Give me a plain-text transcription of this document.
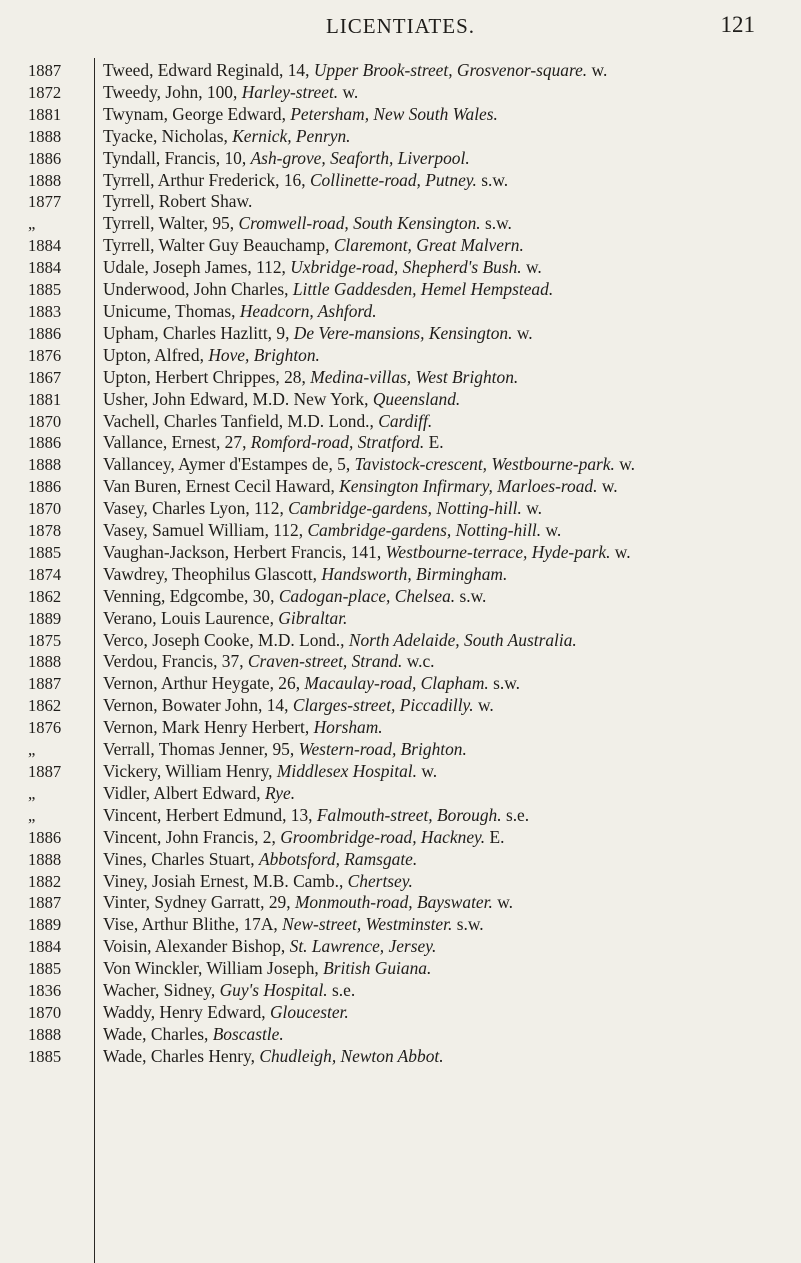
LICENTIATES.	121
1887	Tweed, Edward Reginald, 14, Upper Brook-street, Grosvenor-square. w.
1872	Tweedy, John, 100, Harley-street. w.
1881	Twynam, George Edward, Petersham, New South Wales.
1888	Tyacke, Nicholas, Kernick, Penryn.
1886	Tyndall, Francis, 10, Ash-grove, Seaforth, Liverpool.
1888	Tyrrell, Arthur Frederick, 16, Collinette-road, Putney. s.w.
1877	Tyrrell, Robert Shaw.
„	Tyrrell, Walter, 95, Cromwell-road, South Kensington. s.w.
1884	Tyrrell, Walter Guy Beauchamp, Claremont, Great Malvern.
1884	Udale, Joseph James, 112, Uxbridge-road, Shepherd's Bush. w.
1885	Underwood, John Charles, Little Gaddesden, Hemel Hempstead.
1883	Unicume, Thomas, Headcorn, Ashford.
1886	Upham, Charles Hazlitt, 9, De Vere-mansions, Kensington. w.
1876	Upton, Alfred, Hove, Brighton.
1867	Upton, Herbert Chrippes, 28, Medina-villas, West Brighton.
1881	Usher, John Edward, M.D. New York, Queensland.
1870	Vachell, Charles Tanfield, M.D. Lond., Cardiff.
1886	Vallance, Ernest, 27, Romford-road, Stratford. E.
1888	Vallancey, Aymer d'Estampes de, 5, Tavistock-crescent, Westbourne-park. w.
1886	Van Buren, Ernest Cecil Haward, Kensington Infirmary, Marloes-road. w.
1870	Vasey, Charles Lyon, 112, Cambridge-gardens, Notting-hill. w.
1878	Vasey, Samuel William, 112, Cambridge-gardens, Notting-hill. w.
1885	Vaughan-Jackson, Herbert Francis, 141, Westbourne-terrace, Hyde-park. w.
1874	Vawdrey, Theophilus Glascott, Handsworth, Birmingham.
1862	Venning, Edgcombe, 30, Cadogan-place, Chelsea. s.w.
1889	Verano, Louis Laurence, Gibraltar.
1875	Verco, Joseph Cooke, M.D. Lond., North Adelaide, South Australia.
1888	Verdou, Francis, 37, Craven-street, Strand. w.c.
1887	Vernon, Arthur Heygate, 26, Macaulay-road, Clapham. s.w.
1862	Vernon, Bowater John, 14, Clarges-street, Piccadilly. w.
1876	Vernon, Mark Henry Herbert, Horsham.
„	Verrall, Thomas Jenner, 95, Western-road, Brighton.
1887	Vickery, William Henry, Middlesex Hospital. w.
„	Vidler, Albert Edward, Rye.
„	Vincent, Herbert Edmund, 13, Falmouth-street, Borough. s.e.
1886	Vincent, John Francis, 2, Groombridge-road, Hackney. E.
1888	Vines, Charles Stuart, Abbotsford, Ramsgate.
1882	Viney, Josiah Ernest, M.B. Camb., Chertsey.
1887	Vinter, Sydney Garratt, 29, Monmouth-road, Bayswater. w.
1889	Vise, Arthur Blithe, 17A, New-street, Westminster. s.w.
1884	Voisin, Alexander Bishop, St. Lawrence, Jersey.
1885	Von Winckler, William Joseph, British Guiana.
1836	Wacher, Sidney, Guy's Hospital. s.e.
1870	Waddy, Henry Edward, Gloucester.
1888	Wade, Charles, Boscastle.
1885	Wade, Charles Henry, Chudleigh, Newton Abbot.
